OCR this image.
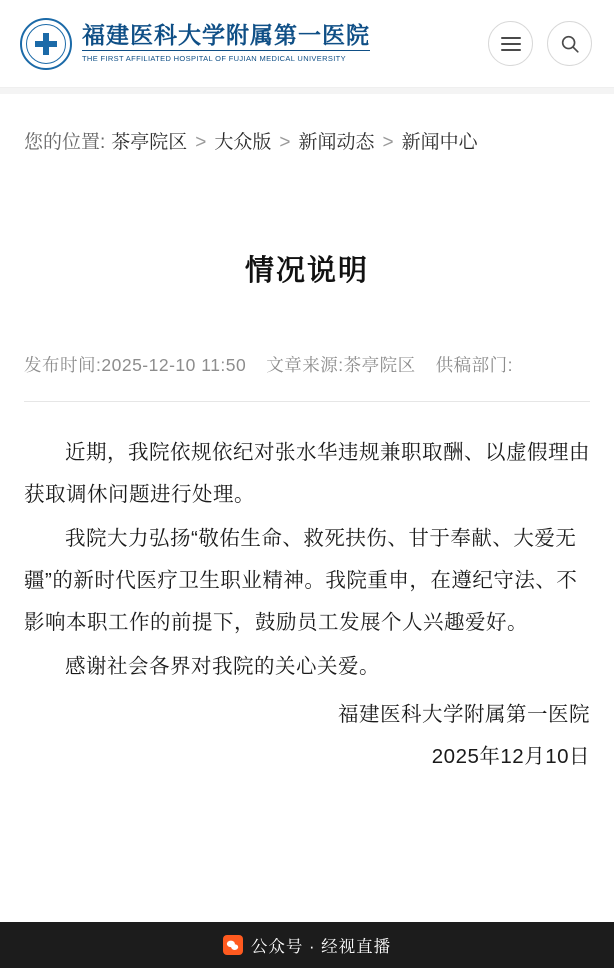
福建医科大学附属第一医院
THE FIRST AFFILIATED HOSPITAL OF FUJIAN MEDICAL UNIVERSITY
您的位置: 茶亭院区 > 大众版 > 新闻动态 > 新闻中心
情况说明
发布时间:2025-12-10 11:50 文章来源:茶亭院区 供稿部门:

近期，我院依规依纪对张水华违规兼职取酬、以虚假理由获取调休问题进行处理。

我院大力弘扬“敬佑生命、救死扶伤、甘于奉献、大爱无疆”的新时代医疗卫生职业精神。我院重申，在遵纪守法、不影响本职工作的前提下，鼓励员工发展个人兴趣爱好。

感谢社会各界对我院的关心关爱。

福建医科大学附属第一医院
2025年12月10日
公众号 · 经视直播
